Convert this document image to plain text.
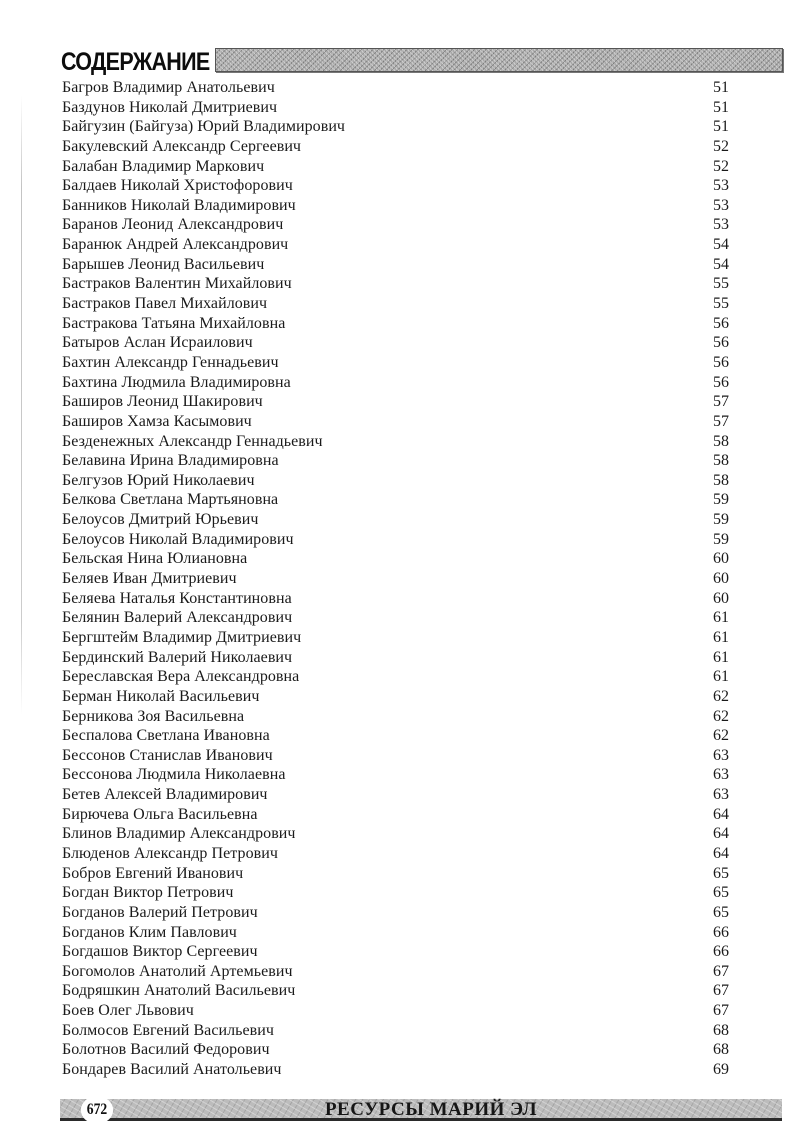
СОДЕРЖАНИЕ
Багров Владимир Анатольевич	51
Баздунов Николай Дмитриевич	51
Байгузин (Байгуза) Юрий Владимирович	51
Бакулевский Александр Сергеевич	52
Балабан Владимир Маркович	52
Балдаев Николай Христофорович	53
Банников Николай Владимирович	53
Баранов Леонид Александрович	53
Баранюк Андрей Александрович	54
Барышев Леонид Васильевич	54
Бастраков Валентин Михайлович	55
Бастраков Павел Михайлович	55
Бастракова Татьяна Михайловна	56
Батыров Аслан Исраилович	56
Бахтин Александр Геннадьевич	56
Бахтина Людмила Владимировна	56
Баширов Леонид Шакирович	57
Баширов Хамза Касымович	57
Безденежных Александр Геннадьевич	58
Белавина Ирина Владимировна	58
Белгузов Юрий Николаевич	58
Белкова Светлана Мартьяновна	59
Белоусов Дмитрий Юрьевич	59
Белоусов Николай Владимирович	59
Бельская Нина Юлиановна	60
Беляев Иван Дмитриевич	60
Беляева Наталья Константиновна	60
Белянин Валерий Александрович	61
Бергштейм Владимир Дмитриевич	61
Бердинский Валерий Николаевич	61
Береславская Вера Александровна	61
Берман Николай Васильевич	62
Берникова Зоя Васильевна	62
Беспалова Светлана Ивановна	62
Бессонов Станислав Иванович	63
Бессонова Людмила Николаевна	63
Бетев Алексей Владимирович	63
Бирючева Ольга Васильевна	64
Блинов Владимир Александрович	64
Блюденов Александр Петрович	64
Бобров Евгений Иванович	65
Богдан Виктор Петрович	65
Богданов Валерий Петрович	65
Богданов Клим Павлович	66
Богдашов Виктор Сергеевич	66
Богомолов Анатолий Артемьевич	67
Бодряшкин Анатолий Васильевич	67
Боев Олег Львович	67
Болмосов Евгений Васильевич	68
Болотнов Василий Федорович	68
Бондарев Василий Анатольевич	69
672	РЕСУРСЫ МАРИЙ ЭЛ
